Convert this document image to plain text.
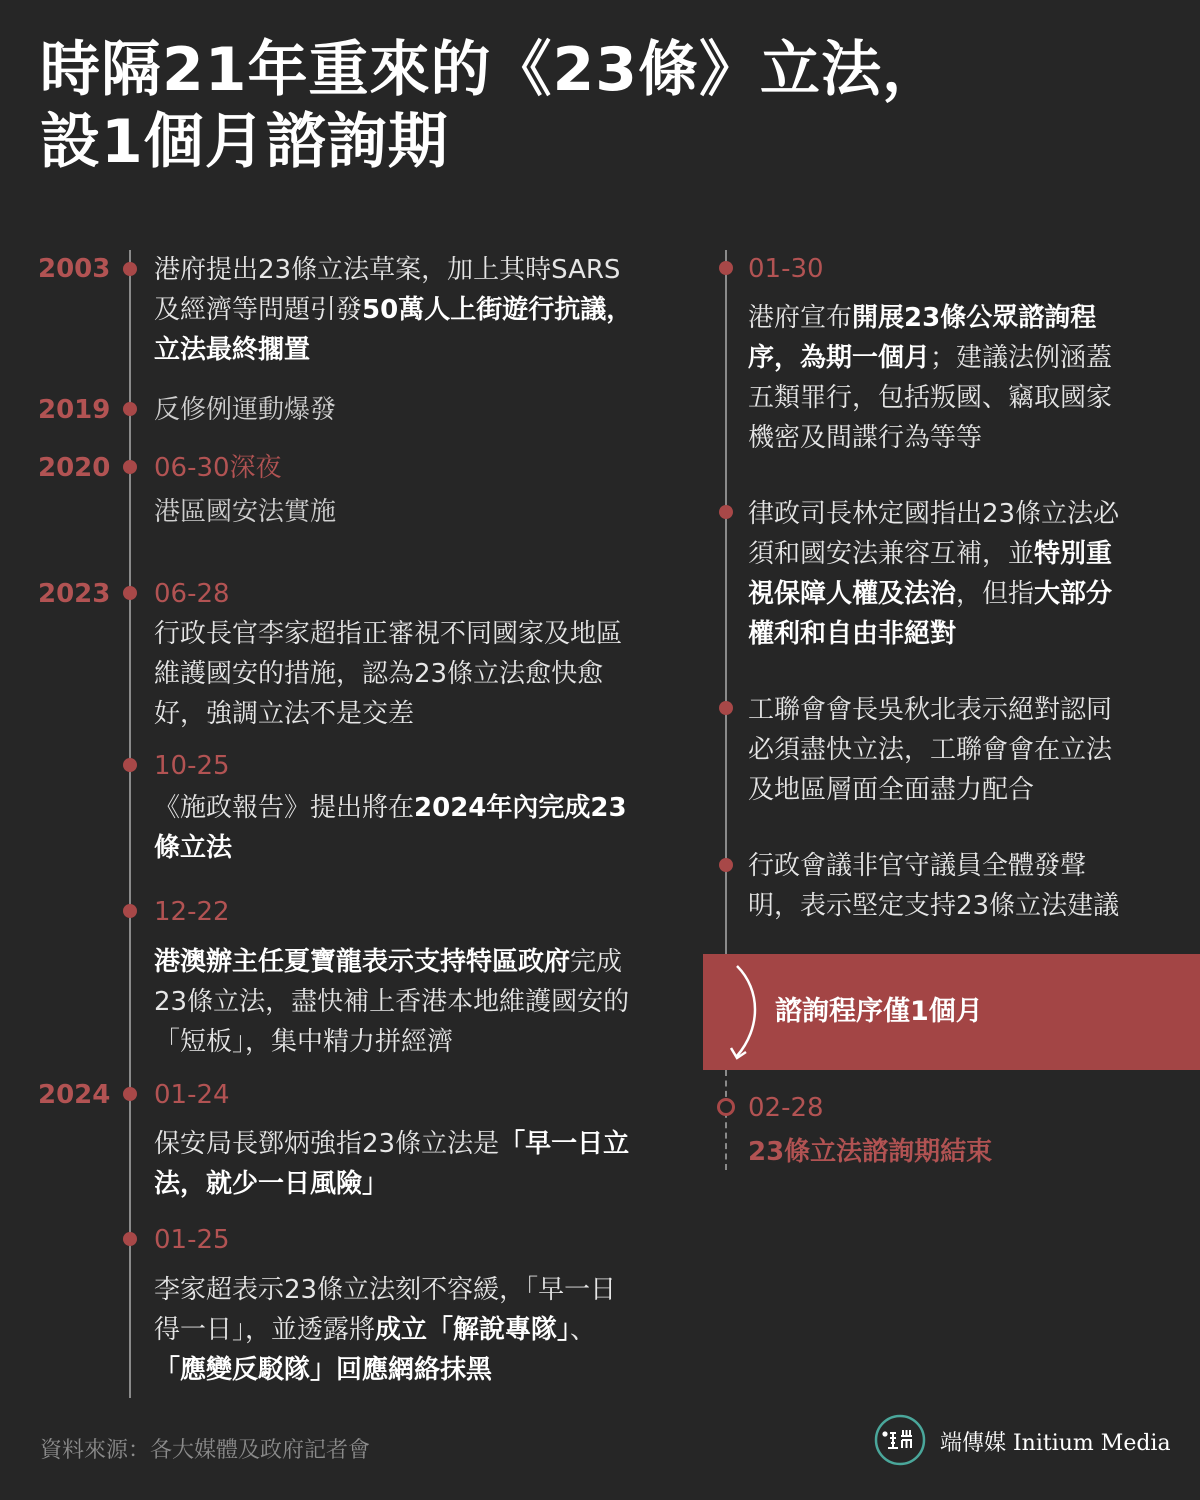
時隔21年重來的《23條》立法，
設1個月諮詢期
2003 港府提出23條立法草案，加上其時SARS
及經濟等問題引發50萬人上街遊行抗議，
立法最終擱置
2019 反修例運動爆發
2020 06-30深夜
港區國安法實施
2023 06-28
行政長官李家超指正審視不同國家及地區
維護國安的措施，認為23條立法愈快愈
好，強調立法不是交差
10-25
《施政報告》提出將在2024年內完成23
條立法
12-22
港澳辦主任夏寶龍表示支持特區政府完成
23條立法，盡快補上香港本地維護國安的
「短板」，集中精力拼經濟
2024 01-24
保安局長鄧炳強指23條立法是「早一日立
法，就少一日風險」
01-25
李家超表示23條立法刻不容緩，「早一日
得一日」，並透露將成立「解說專隊」、
「應變反駁隊」回應網絡抹黑
01-30
港府宣布開展23條公眾諮詢程
序，為期一個月；建議法例涵蓋
五類罪行，包括叛國、竊取國家
機密及間諜行為等等
律政司長林定國指出23條立法必
須和國安法兼容互補，並特別重
視保障人權及法治，但指大部分
權利和自由非絕對
工聯會會長吳秋北表示絕對認同
必須盡快立法，工聯會會在立法
及地區層面全面盡力配合
行政會議非官守議員全體發聲
明，表示堅定支持23條立法建議
諮詢程序僅1個月
02-28
23條立法諮詢期結束
資料來源：各大媒體及政府記者會	端傳媒 Initium Media
